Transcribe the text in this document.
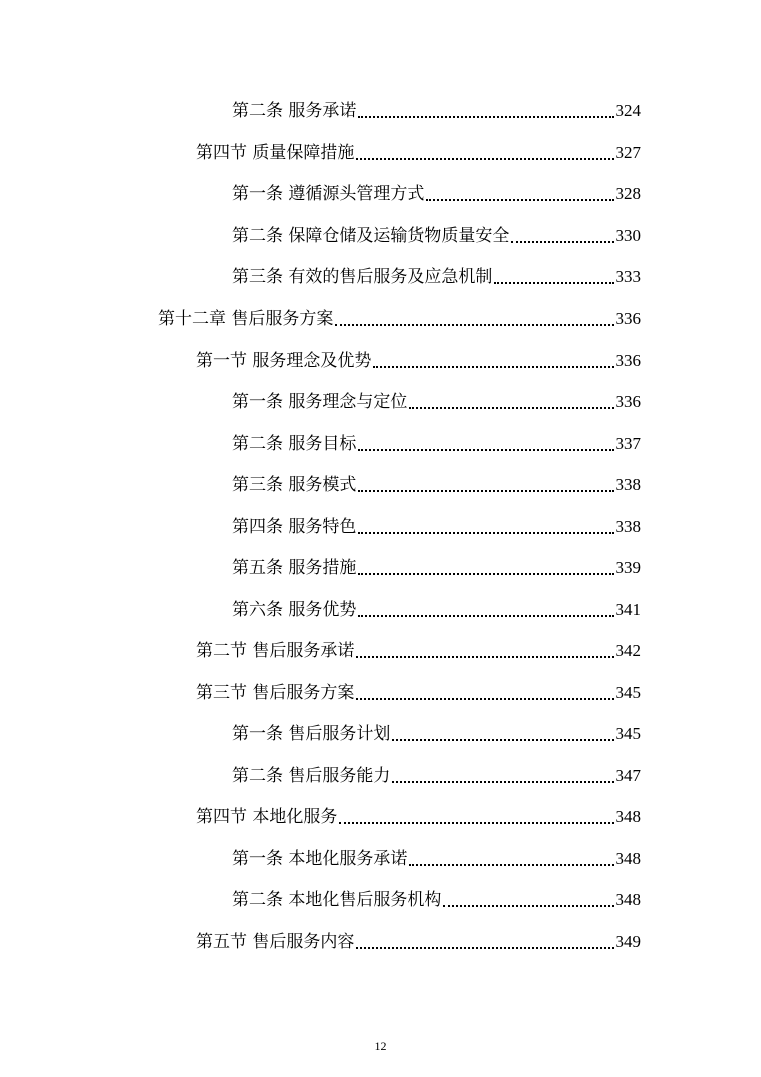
第二条 服务承诺	324
第四节 质量保障措施	327
第一条 遵循源头管理方式	328
第二条 保障仓储及运输货物质量安全	330
第三条 有效的售后服务及应急机制	333
第十二章 售后服务方案	336
第一节 服务理念及优势	336
第一条 服务理念与定位	336
第二条 服务目标	337
第三条 服务模式	338
第四条 服务特色	338
第五条 服务措施	339
第六条 服务优势	341
第二节 售后服务承诺	342
第三节 售后服务方案	345
第一条 售后服务计划	345
第二条 售后服务能力	347
第四节 本地化服务	348
第一条 本地化服务承诺	348
第二条 本地化售后服务机构	348
第五节 售后服务内容	349
12
